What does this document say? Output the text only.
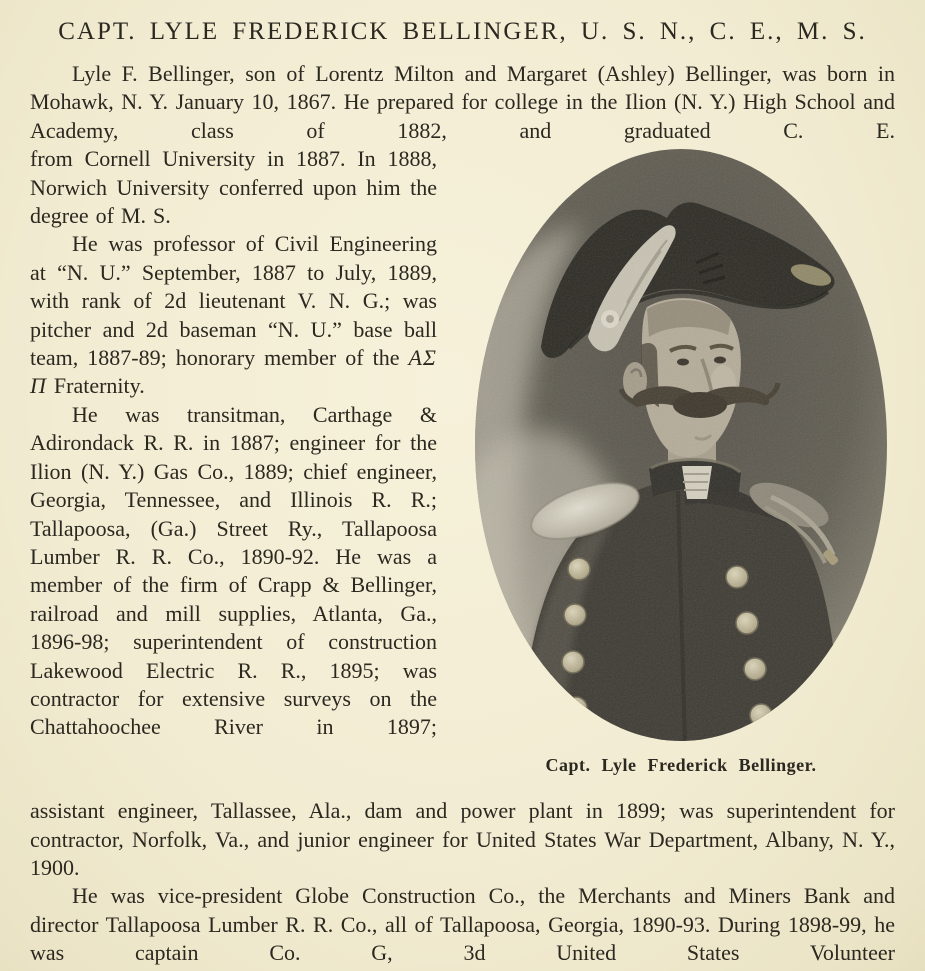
CAPT. LYLE FREDERICK BELLINGER, U. S. N., C. E., M. S.

Lyle F. Bellinger, son of Lorentz Milton and Margaret (Ashley) Bellinger, was born in Mohawk, N. Y. January 10, 1867. He prepared for college in the Ilion (N. Y.) High School and Academy, class of 1882, and graduated C. E.

from Cornell University in 1887. In 1888, Norwich University conferred upon him the degree of M. S.

He was professor of Civil Engineering at “N. U.” September, 1887 to July, 1889, with rank of 2d lieutenant V. N. G.; was pitcher and 2d baseman “N. U.” base ball team, 1887-89; honorary member of the ΑΣ Π Fraternity.

He was transitman, Carthage & Adirondack R. R. in 1887; engineer for the Ilion (N. Y.) Gas Co., 1889; chief engineer, Georgia, Tennessee, and Illinois R. R.; Tallapoosa, (Ga.) Street Ry., Tallapoosa Lumber R. R. Co., 1890-92. He was a member of the firm of Crapp & Bellinger, railroad and mill supplies, Atlanta, Ga., 1896-98; superintendent of construction Lakewood Electric R. R., 1895; was contractor for extensive surveys on the Chattahoochee River in 1897;

Capt. Lyle Frederick Bellinger.

assistant engineer, Tallassee, Ala., dam and power plant in 1899; was superintendent for contractor, Norfolk, Va., and junior engineer for United States War Department, Albany, N. Y., 1900.

He was vice-president Globe Construction Co., the Merchants and Miners Bank and director Tallapoosa Lumber R. R. Co., all of Tallapoosa, Georgia, 1890-93. During 1898-99, he was captain Co. G, 3d United States Volunteer
